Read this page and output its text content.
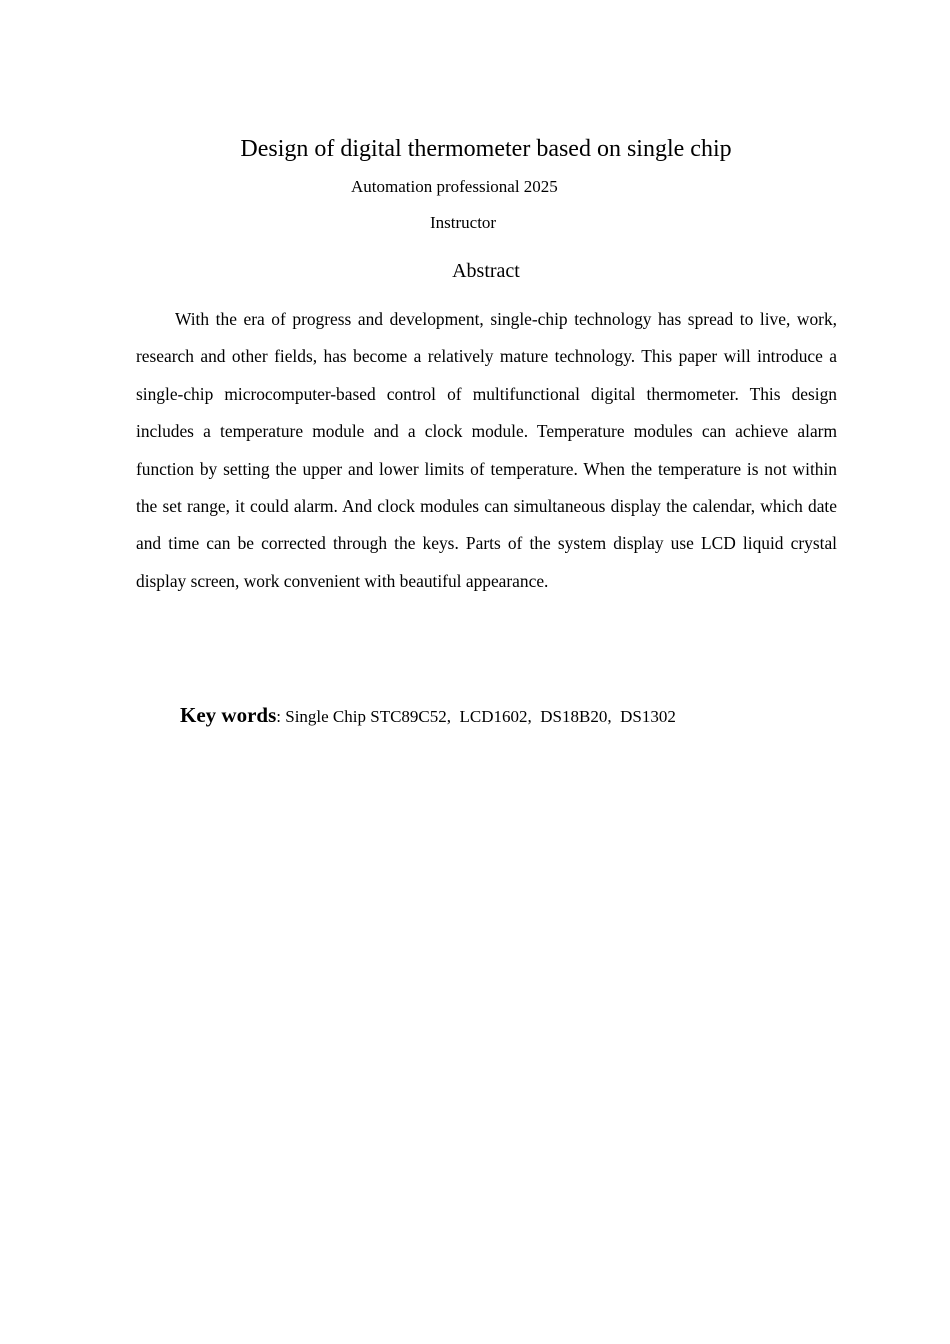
Design of digital thermometer based on single chip
Automation professional 2025
Instructor
Abstract

With the era of progress and development, single-chip technology has spread to live, work, research and other fields, has become a relatively mature technology. This paper will introduce a single-chip microcomputer-based control of multifunctional digital thermometer. This design includes a temperature module and a clock module. Temperature modules can achieve alarm function by setting the upper and lower limits of temperature. When the temperature is not within the set range, it could alarm. And clock modules can simultaneous display the calendar, which date and time can be corrected through the keys. Parts of the system display use LCD liquid crystal display screen, work convenient with beautiful appearance.

Key words: Single Chip STC89C52,  LCD1602,  DS18B20,  DS1302
